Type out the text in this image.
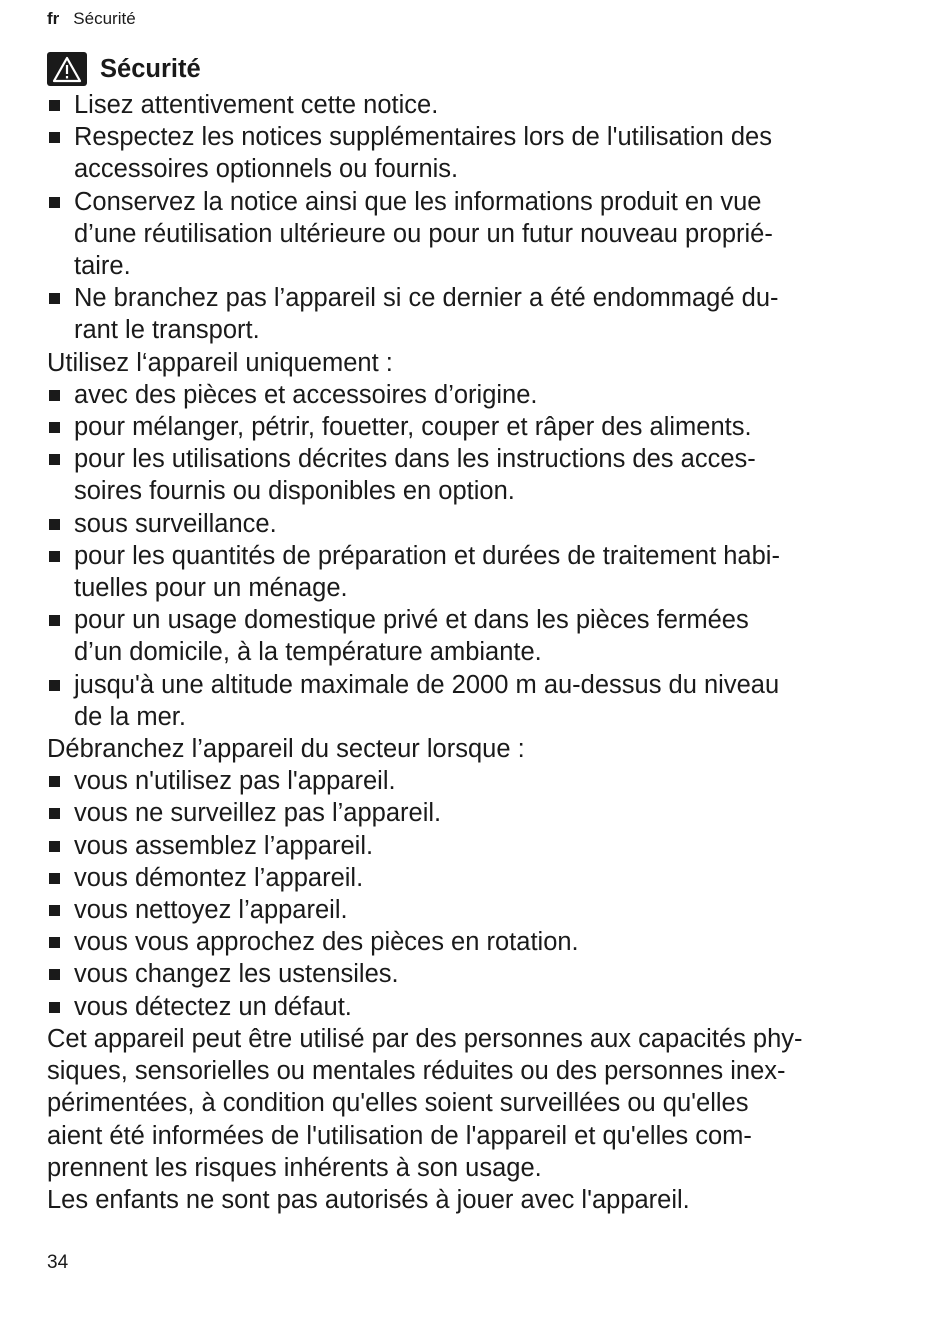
fr Sécurité
Sécurité
Lisez attentivement cette notice.
Respectez les notices supplémentaires lors de l'utilisation des
accessoires optionnels ou fournis.
Conservez la notice ainsi que les informations produit en vue
d’une réutilisation ultérieure ou pour un futur nouveau proprié-
taire.
Ne branchez pas l’appareil si ce dernier a été endommagé du-
rant le transport.

Utilisez l‘appareil uniquement :

avec des pièces et accessoires d’origine.
pour mélanger, pétrir, fouetter, couper et râper des aliments.
pour les utilisations décrites dans les instructions des acces-
soires fournis ou disponibles en option.
sous surveillance.
pour les quantités de préparation et durées de traitement habi-
tuelles pour un ménage.
pour un usage domestique privé et dans les pièces fermées
d’un domicile, à la température ambiante.
jusqu'à une altitude maximale de 2000 m au-dessus du niveau
de la mer.

Débranchez l’appareil du secteur lorsque :

vous n'utilisez pas l'appareil.
vous ne surveillez pas l’appareil.
vous assemblez l’appareil.
vous démontez l’appareil.
vous nettoyez l’appareil.
vous vous approchez des pièces en rotation.
vous changez les ustensiles.
vous détectez un défaut.

Cet appareil peut être utilisé par des personnes aux capacités phy-
siques, sensorielles ou mentales réduites ou des personnes inex-
périmentées, à condition qu'elles soient surveillées ou qu'elles
aient été informées de l'utilisation de l'appareil et qu'elles com-
prennent les risques inhérents à son usage.

Les enfants ne sont pas autorisés à jouer avec l'appareil.

34
